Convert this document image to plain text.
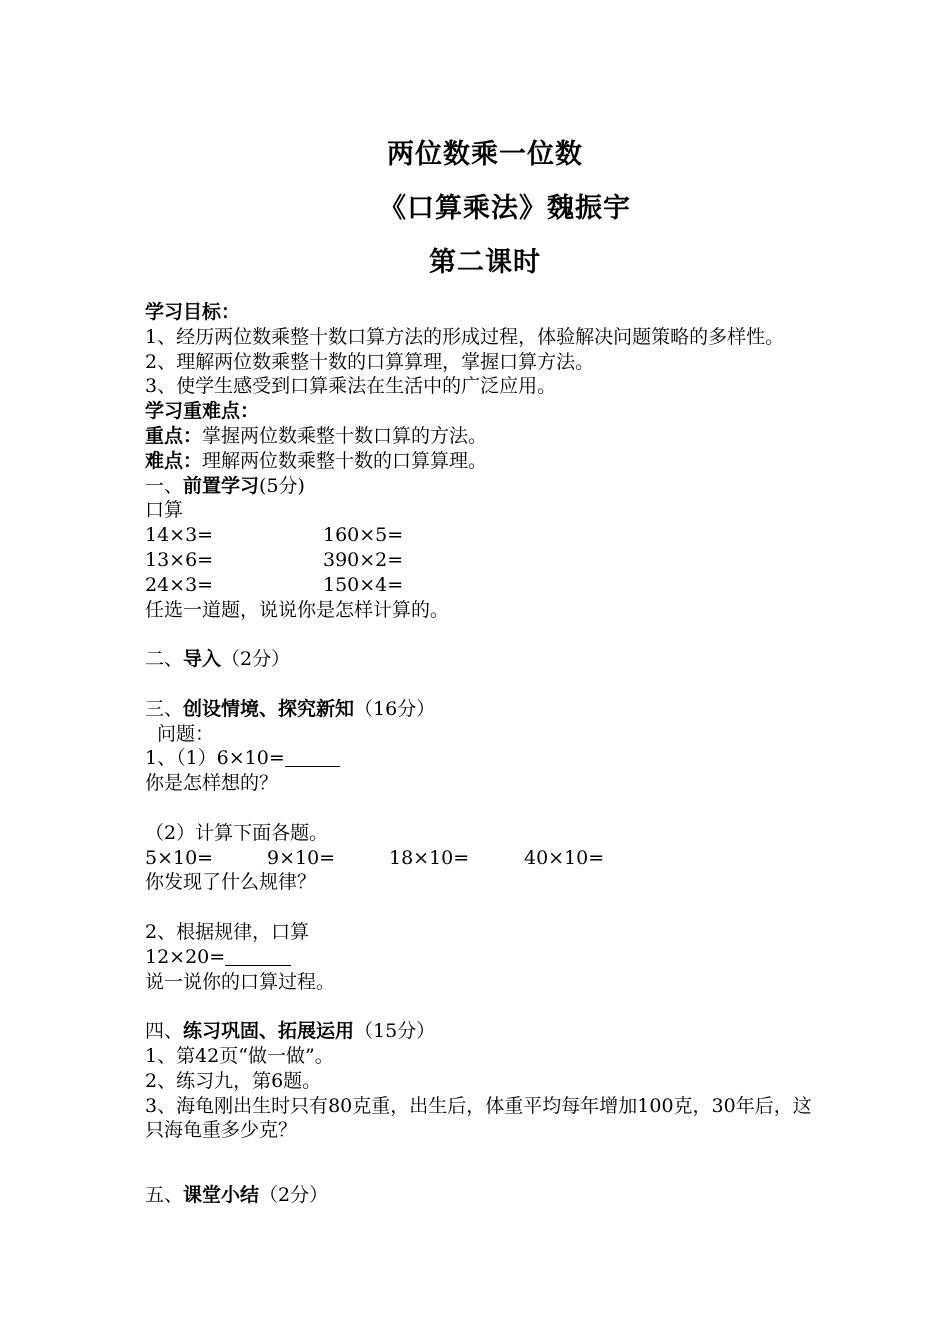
两位数乘一位数
《口算乘法》魏振宇
第二课时
学习目标：
1、经历两位数乘整十数口算方法的形成过程，体验解决问题策略的多样性。
2、理解两位数乘整十数的口算算理，掌握口算方法。
3、使学生感受到口算乘法在生活中的广泛应用。
学习重难点：
重点：掌握两位数乘整十数口算的方法。
难点：理解两位数乘整十数的口算算理。
一、前置学习(5分)
口算
14×3=	160×5=
13×6=	390×2=
24×3=	150×4=
任选一道题，说说你是怎样计算的。
二、导入（2分）
三、创设情境、探究新知（16分）
问题：
1、（1）6×10=
你是怎样想的？
（2）计算下面各题。
5×10=	9×10=	18×10=	40×10=
你发现了什么规律？
2、根据规律，口算
12×20=
说一说你的口算过程。
四、练习巩固、拓展运用（15分）
1、第42页“做一做”。
2、练习九，第6题。
3、海龟刚出生时只有80克重，出生后，体重平均每年增加100克，30年后，这只海龟重多少克？
五、课堂小结（2分）
